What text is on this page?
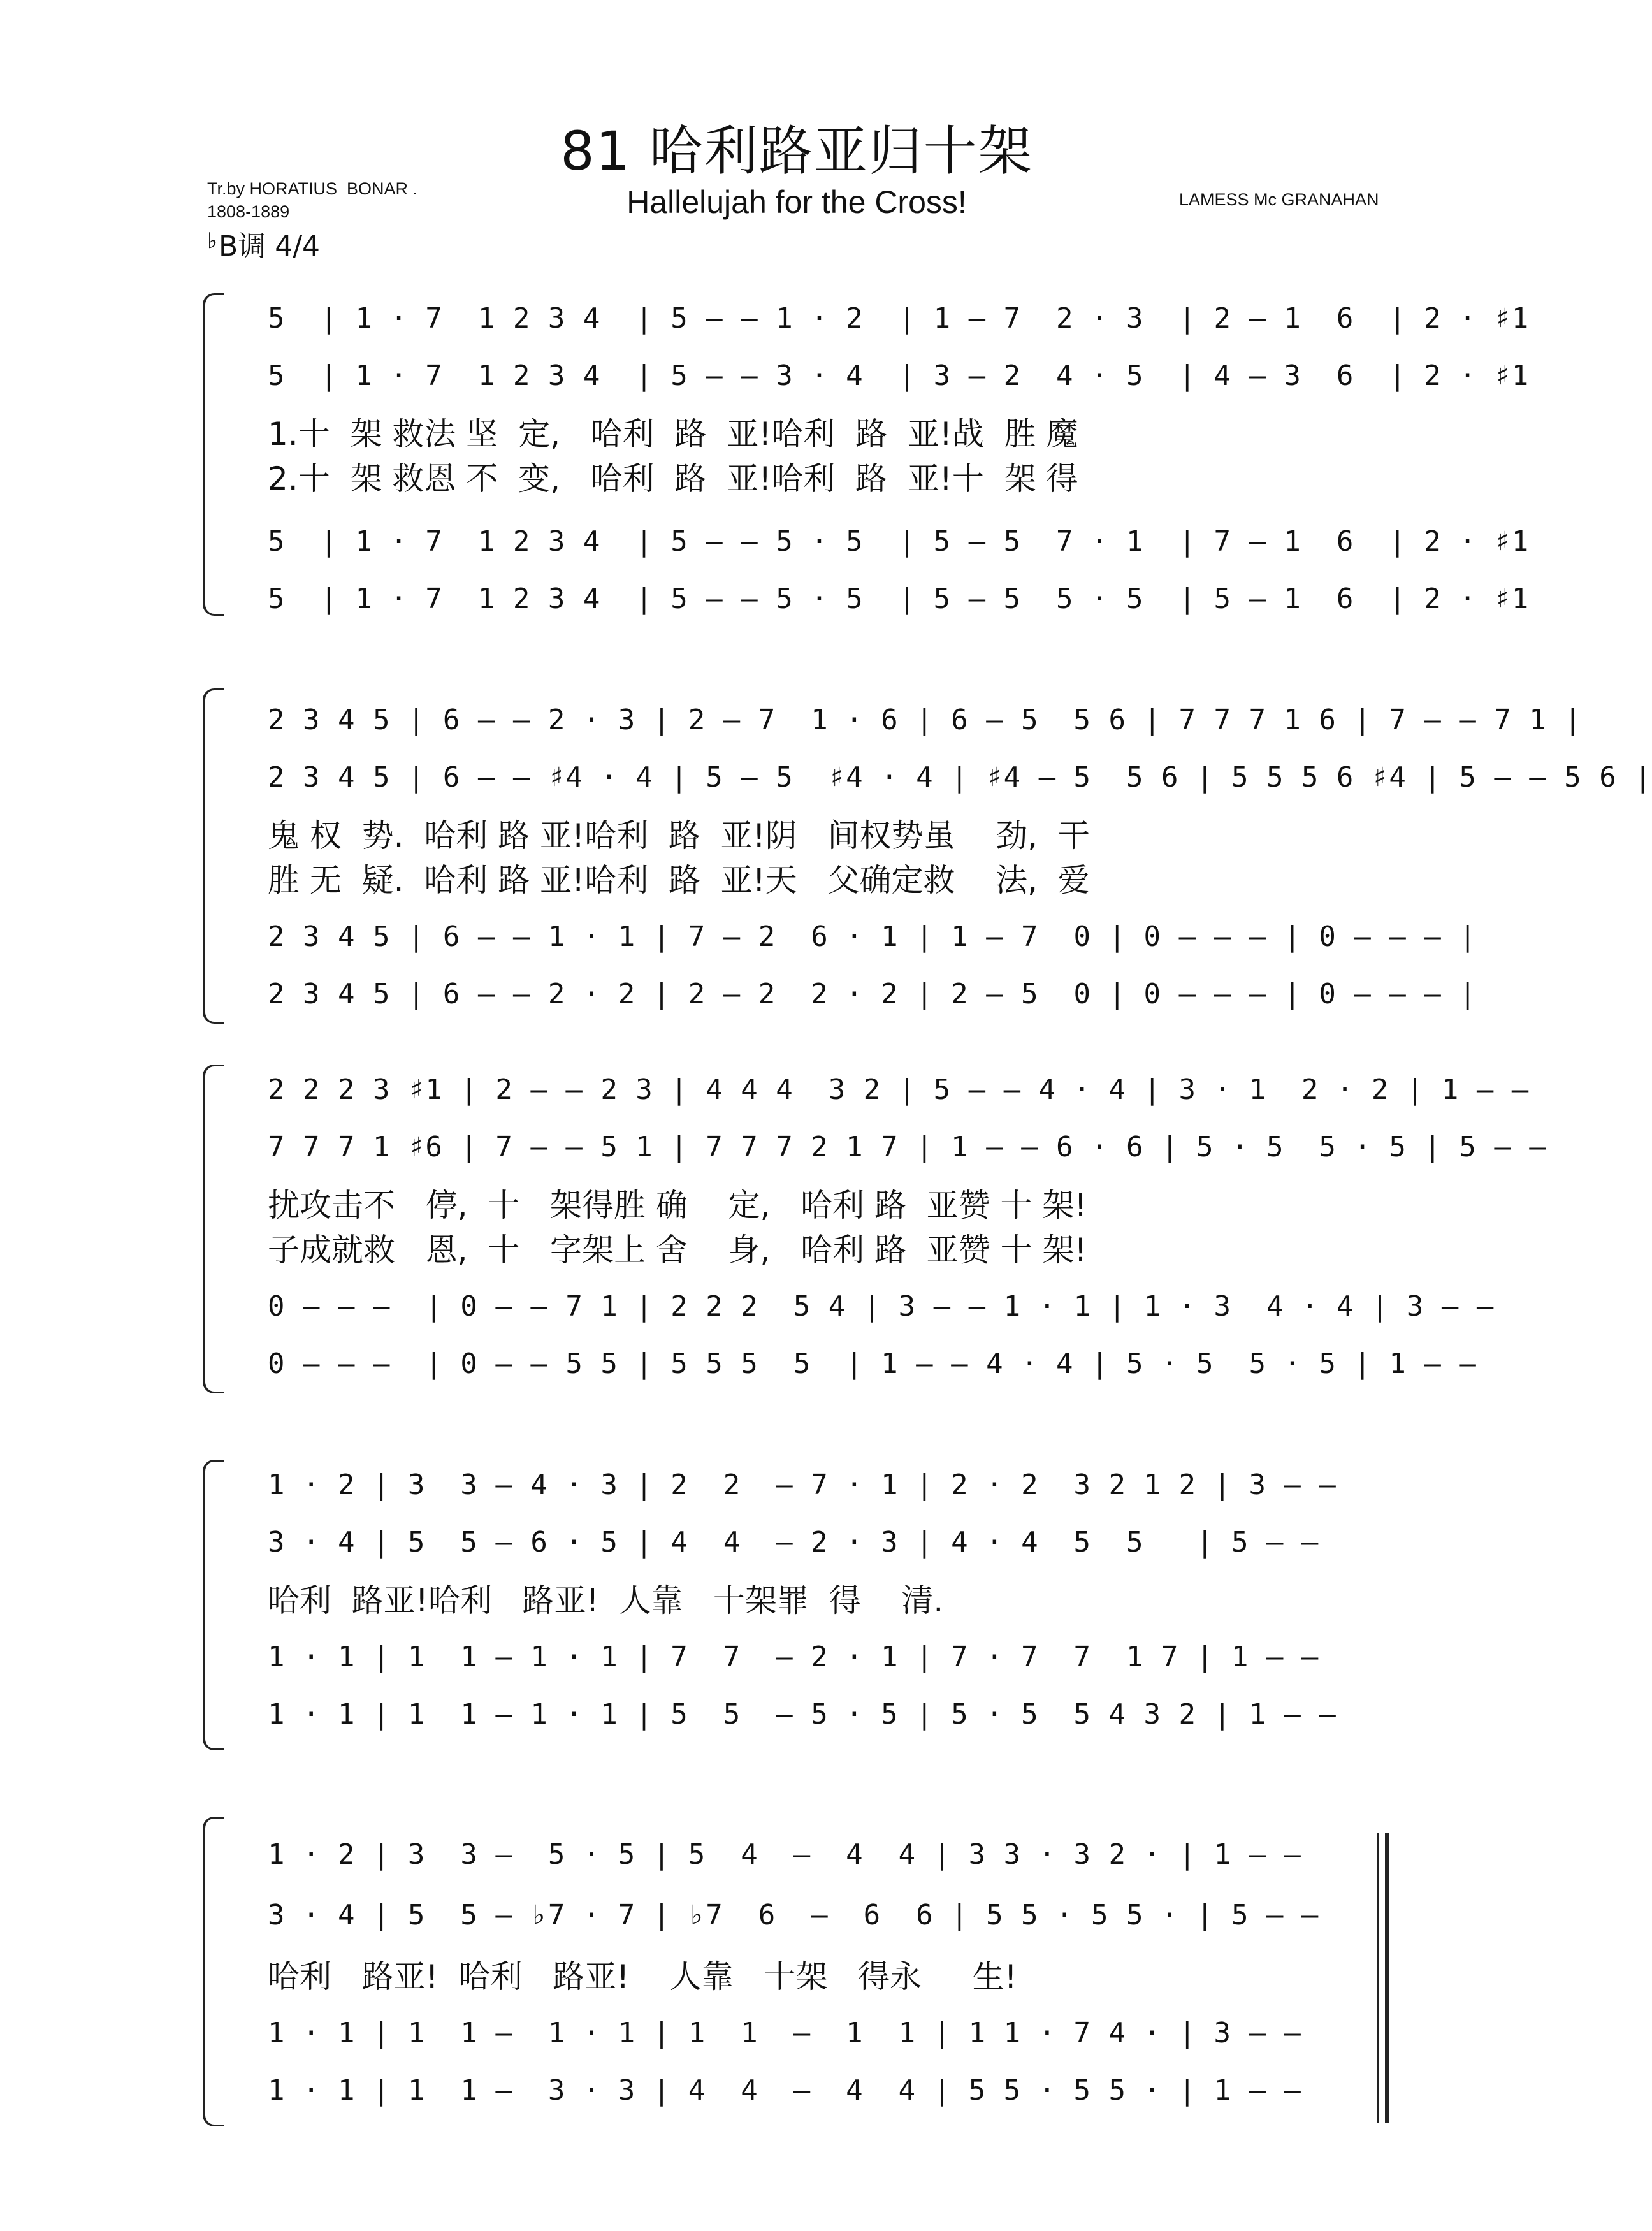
81 哈利路亚归十架
Hallelujah for the Cross!
Tr.by HORATIUS  BONAR .
1808-1889
LAMESS Mc GRANAHAN
♭B调 4/4
5  | 1 · 7  1 2 3 4  | 5 — — 1 · 2  | 1 — 7  2 · 3  | 2 — 1  6  | 2 · ♯1
5  | 1 · 7  1 2 3 4  | 5 — — 3 · 4  | 3 — 2  4 · 5  | 4 — 3  6  | 2 · ♯1
1.十  架 救法 坚  定,   哈利  路  亚!哈利  路  亚!战  胜 魔
2.十  架 救恩 不  变,   哈利  路  亚!哈利  路  亚!十  架 得
5  | 1 · 7  1 2 3 4  | 5 — — 5 · 5  | 5 — 5  7 · 1  | 7 — 1  6  | 2 · ♯1
5  | 1 · 7  1 2 3 4  | 5 — — 5 · 5  | 5 — 5  5 · 5  | 5 — 1  6  | 2 · ♯1
2 3 4 5 | 6 — — 2 · 3 | 2 — 7  1 · 6 | 6 — 5  5 6 | 7 7 7 1 6 | 7 — — 7 1 |
2 3 4 5 | 6 — — ♯4 · 4 | 5 — 5  ♯4 · 4 | ♯4 — 5  5 6 | 5 5 5 6 ♯4 | 5 — — 5 6 |
鬼 权  势.  哈利 路 亚!哈利  路  亚!阴   间权势虽    劲,  干
胜 无  疑.  哈利 路 亚!哈利  路  亚!天   父确定救    法,  爱
2 3 4 5 | 6 — — 1 · 1 | 7 — 2  6 · 1 | 1 — 7  0 | 0 — — — | 0 — — — |
2 3 4 5 | 6 — — 2 · 2 | 2 — 2  2 · 2 | 2 — 5  0 | 0 — — — | 0 — — — |
2 2 2 3 ♯1 | 2 — — 2 3 | 4 4 4  3 2 | 5 — — 4 · 4 | 3 · 1  2 · 2 | 1 — —
7 7 7 1 ♯6 | 7 — — 5 1 | 7 7 7 2 1 7 | 1 — — 6 · 6 | 5 · 5  5 · 5 | 5 — —
扰攻击不   停,  十   架得胜 确    定,   哈利 路  亚赞 十 架!
子成就救   恩,  十   字架上 舍    身,   哈利 路  亚赞 十 架!
0 — — —  | 0 — — 7 1 | 2 2 2  5 4 | 3 — — 1 · 1 | 1 · 3  4 · 4 | 3 — —
0 — — —  | 0 — — 5 5 | 5 5 5  5  | 1 — — 4 · 4 | 5 · 5  5 · 5 | 1 — —
1 · 2 | 3  3 — 4 · 3 | 2  2  — 7 · 1 | 2 · 2  3 2 1 2 | 3 — —
3 · 4 | 5  5 — 6 · 5 | 4  4  — 2 · 3 | 4 · 4  5  5   | 5 — —
哈利  路亚!哈利   路亚!  人靠   十架罪  得    清.
1 · 1 | 1  1 — 1 · 1 | 7  7  — 2 · 1 | 7 · 7  7  1 7 | 1 — —
1 · 1 | 1  1 — 1 · 1 | 5  5  — 5 · 5 | 5 · 5  5 4 3 2 | 1 — —
1 · 2 | 3  3 —  5 · 5 | 5  4  —  4  4 | 3 3 · 3 2 · | 1 — —
3 · 4 | 5  5 — ♭7 · 7 | ♭7  6  —  6  6 | 5 5 · 5 5 · | 5 — —
哈利   路亚!  哈利   路亚!    人靠   十架   得永     生!
1 · 1 | 1  1 —  1 · 1 | 1  1  —  1  1 | 1 1 · 7 4 · | 3 — —
1 · 1 | 1  1 —  3 · 3 | 4  4  —  4  4 | 5 5 · 5 5 · | 1 — —
